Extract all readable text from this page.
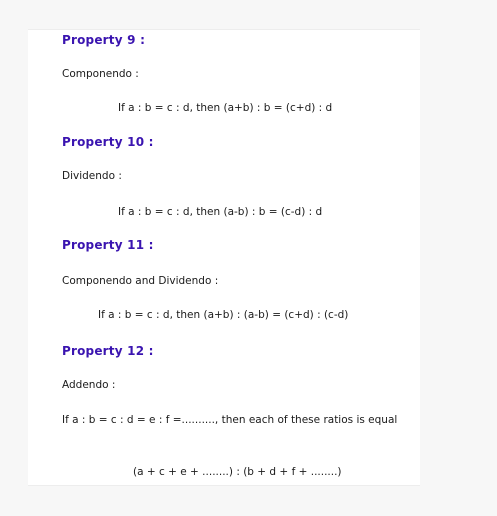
Property 9 :
Componendo :
If a : b = c : d, then (a+b) : b = (c+d) : d
Property 10 :
Dividendo :
If a : b = c : d, then (a-b) : b = (c-d) : d
Property 11 :
Componendo and Dividendo :
If a : b = c : d, then (a+b) : (a-b) = (c+d) : (c-d)
Property 12 :
Addendo :
If a : b = c : d = e : f =.........., then each of these ratios is equal
(a + c + e + ........) : (b + d + f + ........)
